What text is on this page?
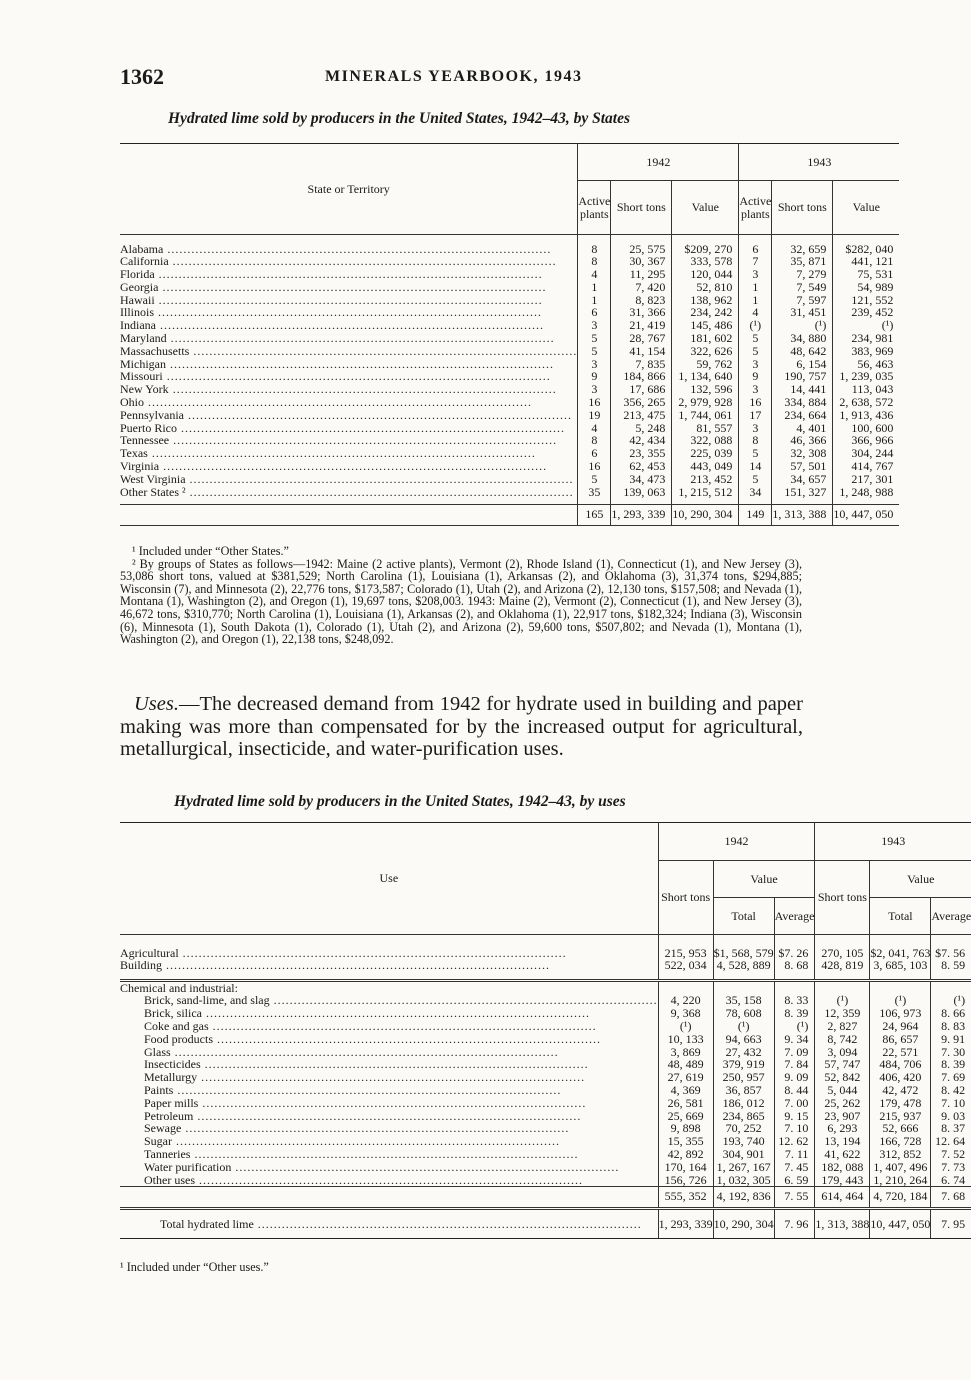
1362	MINERALS YEARBOOK, 1943
Hydrated lime sold by producers in the United States, 1942–43, by States
State or Territory	1942			1943		
	Active plants	Short tons	Value	Active plants	Short tons	Value

Alabama .....	8	25, 575	$209, 270	6	32, 659	$282, 040
California .....	8	30, 367	333, 578	7	35, 871	441, 121
Florida .....	4	11, 295	120, 044	3	7, 279	75, 531
Georgia .....	1	7, 420	52, 810	1	7, 549	54, 989
Hawaii .....	1	8, 823	138, 962	1	7, 597	121, 552
Illinois .....	6	31, 366	234, 242	4	31, 451	239, 452
Indiana .....	3	21, 419	145, 486	(¹)	(¹)	(¹)
Maryland .....	5	28, 767	181, 602	5	34, 880	234, 981
Massachusetts .....	5	41, 154	322, 626	5	48, 642	383, 969
Michigan .....	3	7, 835	59, 762	3	6, 154	56, 463
Missouri .....	9	184, 866	1, 134, 640	9	190, 757	1, 239, 035
New York .....	3	17, 686	132, 596	3	14, 441	113, 043
Ohio .....	16	356, 265	2, 979, 928	16	334, 884	2, 638, 572
Pennsylvania .....	19	213, 475	1, 744, 061	17	234, 664	1, 913, 436
Puerto Rico .....	4	5, 248	81, 557	3	4, 401	100, 600
Tennessee .....	8	42, 434	322, 088	8	46, 366	366, 966
Texas .....	6	23, 355	225, 039	5	32, 308	304, 244
Virginia .....	16	62, 453	443, 049	14	57, 501	414, 767
West Virginia .....	5	34, 473	213, 452	5	34, 657	217, 301
Other States ² .....	35	139, 063	1, 215, 512	34	151, 327	1, 248, 988

	165	1, 293, 339	10, 290, 304	149	1, 313, 388	10, 447, 050

¹ Included under “Other States.”

² By groups of States as follows—1942: Maine (2 active plants), Vermont (2), Rhode Island (1), Connecticut (1), and New Jersey (3), 53,086 short tons, valued at $381,529; North Carolina (1), Louisiana (1), Arkansas (2), and Oklahoma (3), 31,374 tons, $294,885; Wisconsin (7), and Minnesota (2), 22,776 tons, $173,587; Colorado (1), Utah (2), and Arizona (2), 12,130 tons, $157,508; and Nevada (1), Montana (1), Washington (2), and Oregon (1), 19,697 tons, $208,003. 1943: Maine (2), Vermont (2), Connecticut (1), and New Jersey (3), 46,672 tons, $310,770; North Carolina (1), Louisiana (1), Arkansas (2), and Oklahoma (1), 22,917 tons, $182,324; Indiana (3), Wisconsin (6), Minnesota (1), South Dakota (1), Colorado (1), Utah (2), and Arizona (2), 59,600 tons, $507,802; and Nevada (1), Montana (1), Washington (2), and Oregon (1), 22,138 tons, $248,092.

Uses.—The decreased demand from 1942 for hydrate used in building and paper making was more than compensated for by the increased output for agricultural, metallurgical, insecticide, and water-purification uses.
Hydrated lime sold by producers in the United States, 1942–43, by uses
Use	1942			1943		
	Short tons	Value		Short tons	Value	
		Total	Average		Total	Average

Agricultural .....	215, 953	$1, 568, 579	$7. 26	270, 105	$2, 041, 763	$7. 56
Building .....	522, 034	4, 528, 889	8. 68	428, 819	3, 685, 103	8. 59

Chemical and industrial:						
Brick, sand-lime, and slag .....	4, 220	35, 158	8. 33	(¹)	(¹)	(¹)
Brick, silica .....	9, 368	78, 608	8. 39	12, 359	106, 973	8. 66
Coke and gas .....	(¹)	(¹)	(¹)	2, 827	24, 964	8. 83
Food products .....	10, 133	94, 663	9. 34	8, 742	86, 657	9. 91
Glass .....	3, 869	27, 432	7. 09	3, 094	22, 571	7. 30
Insecticides .....	48, 489	379, 919	7. 84	57, 747	484, 706	8. 39
Metallurgy .....	27, 619	250, 957	9. 09	52, 842	406, 420	7. 69
Paints .....	4, 369	36, 857	8. 44	5, 044	42, 472	8. 42
Paper mills .....	26, 581	186, 012	7. 00	25, 262	179, 478	7. 10
Petroleum .....	25, 669	234, 865	9. 15	23, 907	215, 937	9. 03
Sewage .....	9, 898	70, 252	7. 10	6, 293	52, 666	8. 37
Sugar .....	15, 355	193, 740	12. 62	13, 194	166, 728	12. 64
Tanneries .....	42, 892	304, 901	7. 11	41, 622	312, 852	7. 52
Water purification .....	170, 164	1, 267, 167	7. 45	182, 088	1, 407, 496	7. 73
Other uses .....	156, 726	1, 032, 305	6. 59	179, 443	1, 210, 264	6. 74
	555, 352	4, 192, 836	7. 55	614, 464	4, 720, 184	7. 68
Total hydrated lime .....	1, 293, 339	10, 290, 304	7. 96	1, 313, 388	10, 447, 050	7. 95
¹ Included under “Other uses.”
